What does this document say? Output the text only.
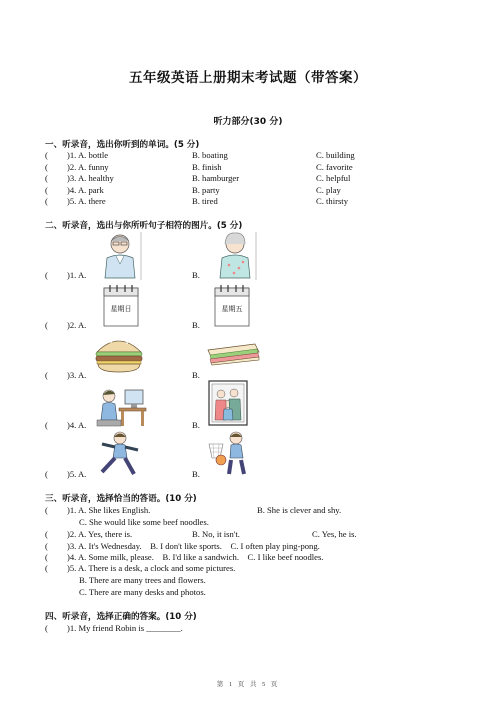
五年级英语上册期末考试题（带答案）
听力部分(30 分)
一、听录音，选出你听到的单词。(5 分)
( )1. A. bottle	B. boating	C. building
( )2. A. funny	B. finish	C. favorite
( )3. A. healthy	B. hamburger	C. helpful
( )4. A. park	B. party	C. play
( )5. A. there	B. tired	C. thirsty
二、听录音，选出与你所听句子相符的图片。(5 分)
( )1. A.	B.
( )2. A.	B.
星期日	星期五
( )3. A.	B.
( )4. A.	B.
( )5. A.	B.
三、听录音，选择恰当的答语。(10 分)
( )1. A. She likes English.	B. She is clever and shy.
C. She would like some beef noodles.
( )2. A. Yes, there is.	B. No, it isn't.	C. Yes, he is.
( )3. A. It's Wednesday.    B. I don't like sports.    C. I often play ping-pong.
( )4. A. Some milk, please.    B. I'd like a sandwich.    C. I like beef noodles.
( )5. A. There is a desk, a clock and some pictures.
B. There are many trees and flowers.
C. There are many desks and photos.
四、听录音，选择正确的答案。(10 分)
( )1. My friend Robin is ________.
第 1 页 共 5 页
